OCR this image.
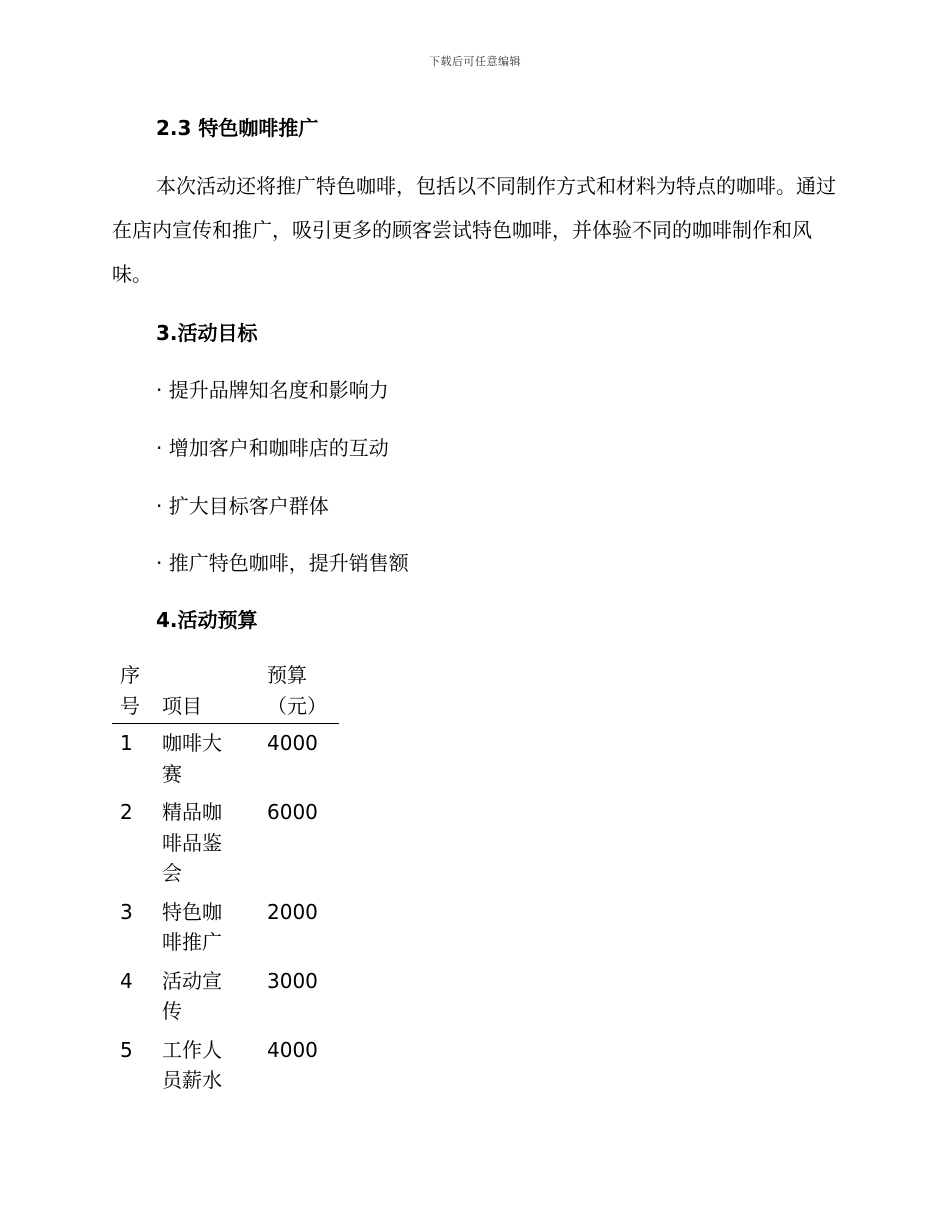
下载后可任意编辑
2.3 特色咖啡推广
本次活动还将推广特色咖啡，包括以不同制作方式和材料为特点的咖啡。通过在店内宣传和推广，吸引更多的顾客尝试特色咖啡，并体验不同的咖啡制作和风味。
3.活动目标
· 提升品牌知名度和影响力
· 增加客户和咖啡店的互动
· 扩大目标客户群体
· 推广特色咖啡，提升销售额
4.活动预算
序号	项目	预算（元）

1	咖啡大赛	4000
2	精品咖啡品鉴会	6000
3	特色咖啡推广	2000
4	活动宣传	3000
5	工作人员薪水	4000
